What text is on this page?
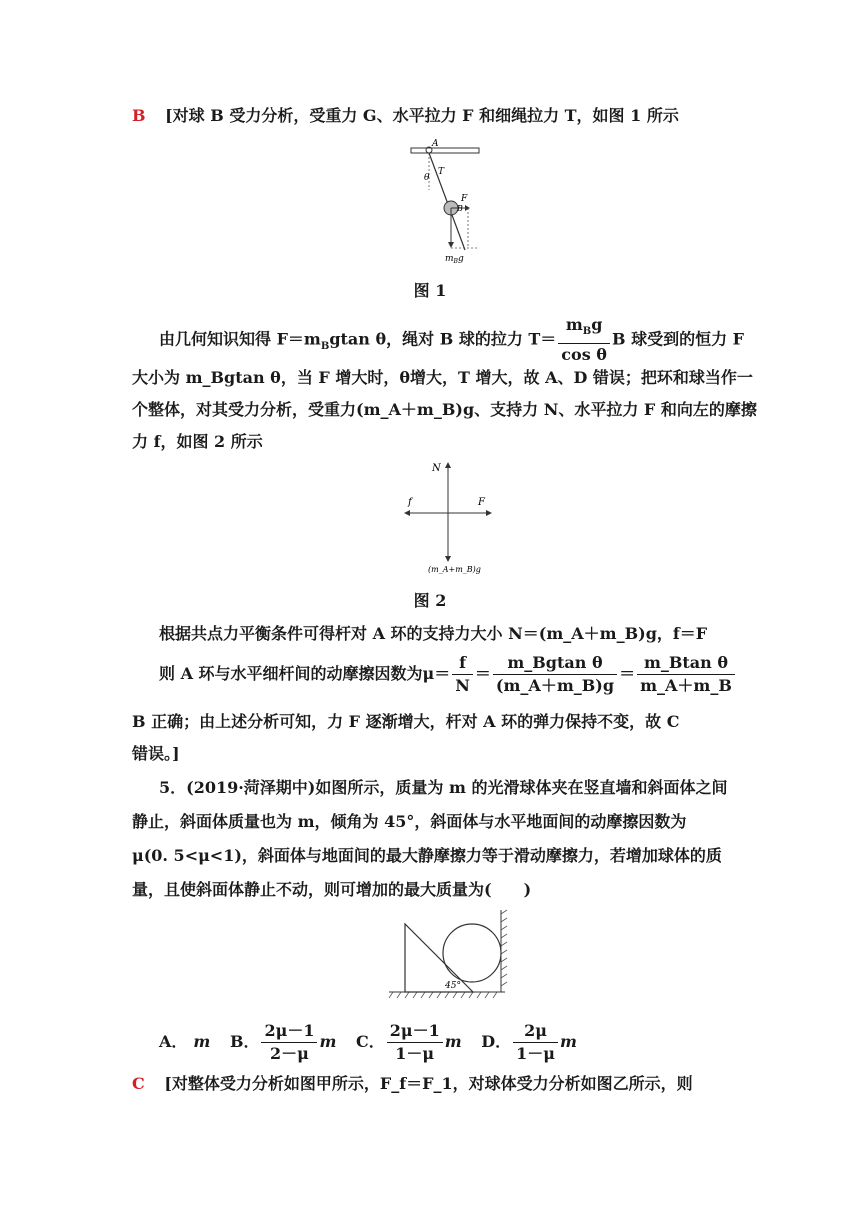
B [对球 B 受力分析，受重力 G、水平拉力 F 和细绳拉力 T，如图 1 所示
A
T
θ
F
B
$m_Bg$
图 1
由几何知识知得 $F=m_Bgtan$ θ，绳对 B 球的拉力 $T= \frac{m_Bg}{\text{cos θ}}$ B 球受到的恒力 F
大小为 m_Bgtan θ，当 F 增大时，θ增大，T 增大，故 A、D 错误；把环和球当作一
个整体，对其受力分析，受重力(m_A＋m_B)g、支持力 N、水平拉力 F 和向左的摩擦
力 f，如图 2 所示
N
f	F
(m_A+m_B)g
图 2
根据共点力平衡条件可得杆对 A 环的支持力大小 N＝(m_A＋m_B)g，f＝F
则 A 环与水平细杆间的动摩擦因数为$\mu= \frac{f}{N} = \frac{\text{m\_Bgtan θ}}{(m\_A+m\_B)g} = \frac{\text{m\_Btan θ}}{m\_A+m\_B}$
B 正确；由上述分析可知，力 F 逐渐增大，杆对 A 环的弹力保持不变，故 C
错误。]
5．(2019·菏泽期中)如图所示，质量为 m 的光滑球体夹在竖直墙和斜面体之间
静止，斜面体质量也为 m，倾角为 45°，斜面体与水平地面间的动摩擦因数为
μ(0. 5<μ<1)，斜面体与地面间的最大静摩擦力等于滑动摩擦力，若增加球体的质
量，且使斜面体静止不动，则可增加的最大质量为(　　)
45°
A． m B． $\frac{2\mu-1}{2-\mu}$ m C． $\frac{2\mu-1}{1-\mu}$ m D． $\frac{2\mu}{1-\mu}$ m
C [对整体受力分析如图甲所示，F_f＝F_1，对球体受力分析如图乙所示，则
